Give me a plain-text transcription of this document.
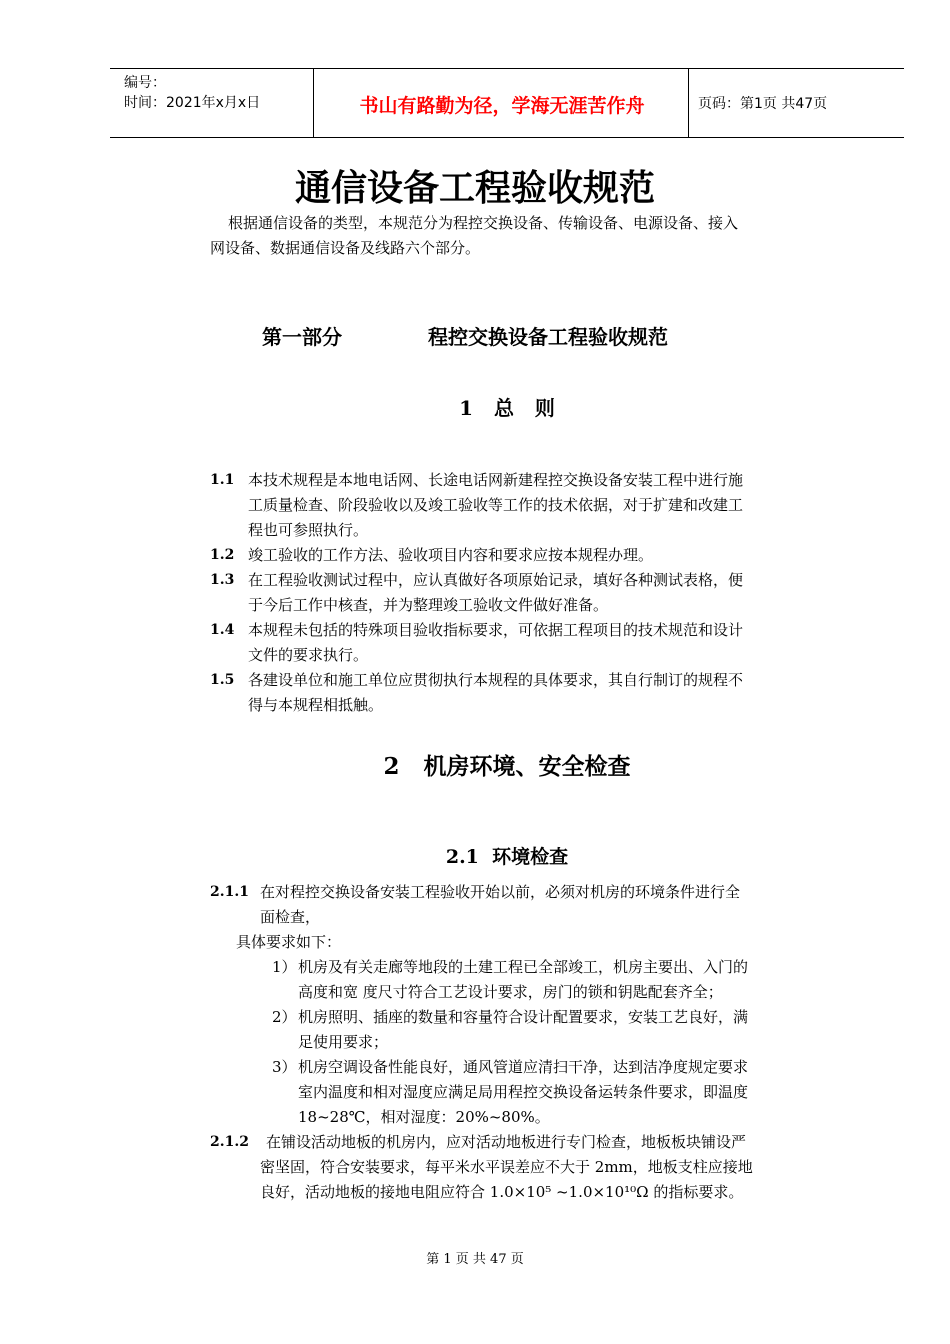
编号：
时间：2021年x月x日	书山有路勤为径，学海无涯苦作舟	页码：第1页 共47页
通信设备工程验收规范
根据通信设备的类型，本规范分为程控交换设备、传输设备、电源设备、接入
网设备、数据通信设备及线路六个部分。
第一部分	程控交换设备工程验收规范
1   总   则
1.1 本技术规程是本地电话网、长途电话网新建程控交换设备安装工程中进行施
工质量检查、阶段验收以及竣工验收等工作的技术依据，对于扩建和改建工
程也可参照执行。
1.2 竣工验收的工作方法、验收项目内容和要求应按本规程办理。
1.3 在工程验收测试过程中，应认真做好各项原始记录，填好各种测试表格，便
于今后工作中核查，并为整理竣工验收文件做好准备。
1.4 本规程未包括的特殊项目验收指标要求，可依据工程项目的技术规范和设计
文件的要求执行。
1.5 各建设单位和施工单位应贯彻执行本规程的具体要求，其自行制订的规程不
得与本规程相抵触。
2   机房环境、安全检查
2.1  环境检查
2.1.1 在对程控交换设备安装工程验收开始以前，必须对机房的环境条件进行全
面检查，
具体要求如下：
1） 机房及有关走廊等地段的土建工程已全部竣工，机房主要出、入门的
高度和宽 度尺寸符合工艺设计要求，房门的锁和钥匙配套齐全；
2） 机房照明、插座的数量和容量符合设计配置要求，安装工艺良好，满
足使用要求；
3） 机房空调设备性能良好，通风管道应清扫干净，达到洁净度规定要求
室内温度和相对湿度应满足局用程控交换设备运转条件要求，即温度
18~28℃，相对湿度：20%~80%。
2.1.2 在铺设活动地板的机房内，应对活动地板进行专门检查，地板板块铺设严
密坚固，符合安装要求，每平米水平误差应不大于 2mm，地板支柱应接地
良好，活动地板的接地电阻应符合 1.0×10⁵ ~1.0×10¹⁰Ω 的指标要求。
第 1 页 共 47 页
